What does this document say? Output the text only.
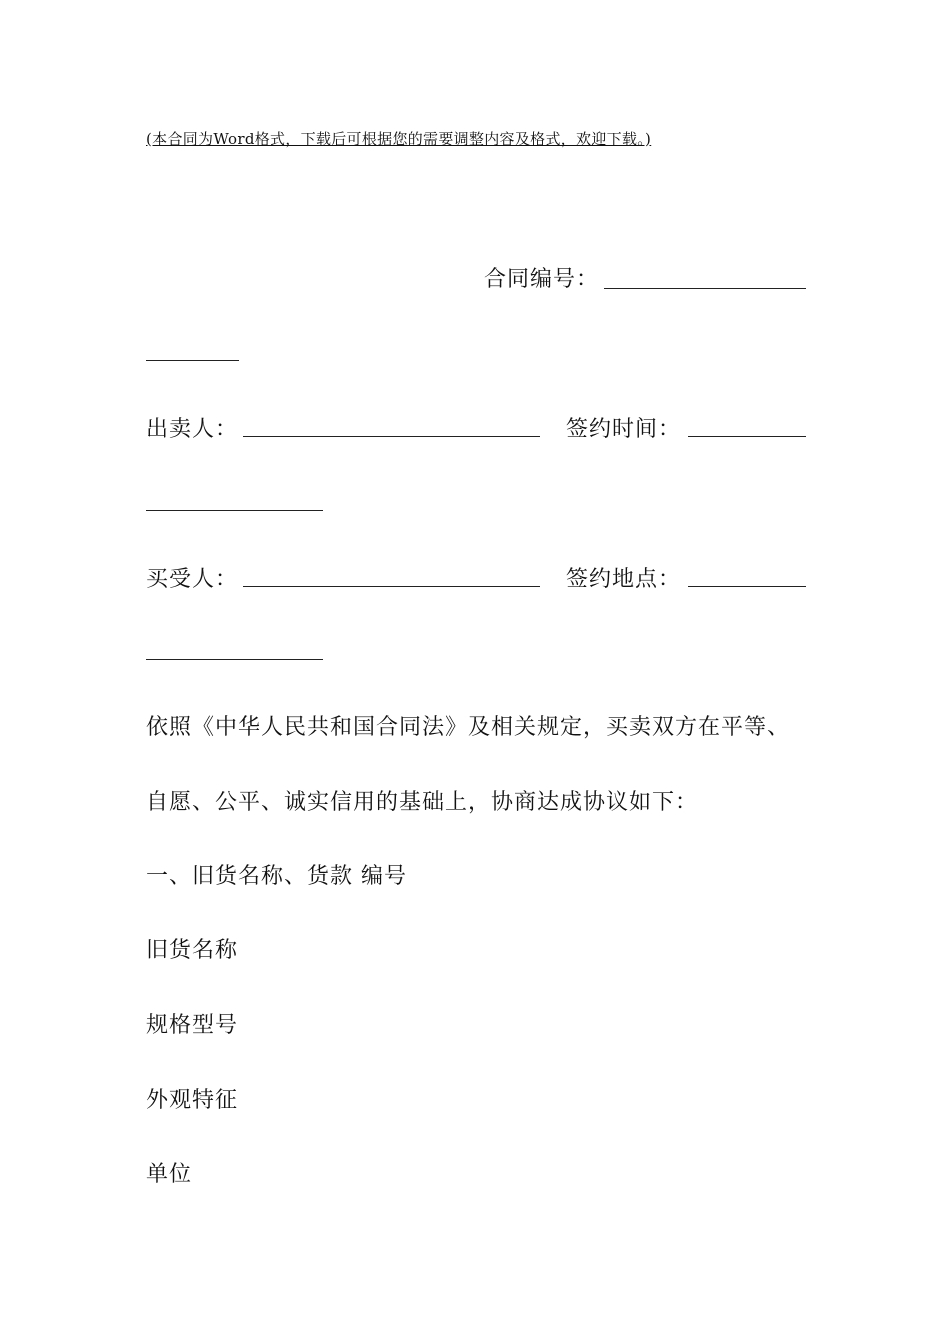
(本合同为Word格式，下载后可根据您的需要调整内容及格式，欢迎下载。)
合同编号：
出卖人：	签约时间：
买受人：	签约地点：
依照《中华人民共和国合同法》及相关规定，买卖双方在平等、
自愿、公平、诚实信用的基础上，协商达成协议如下：
一、旧货名称、货款 编号
旧货名称
规格型号
外观特征
单位
